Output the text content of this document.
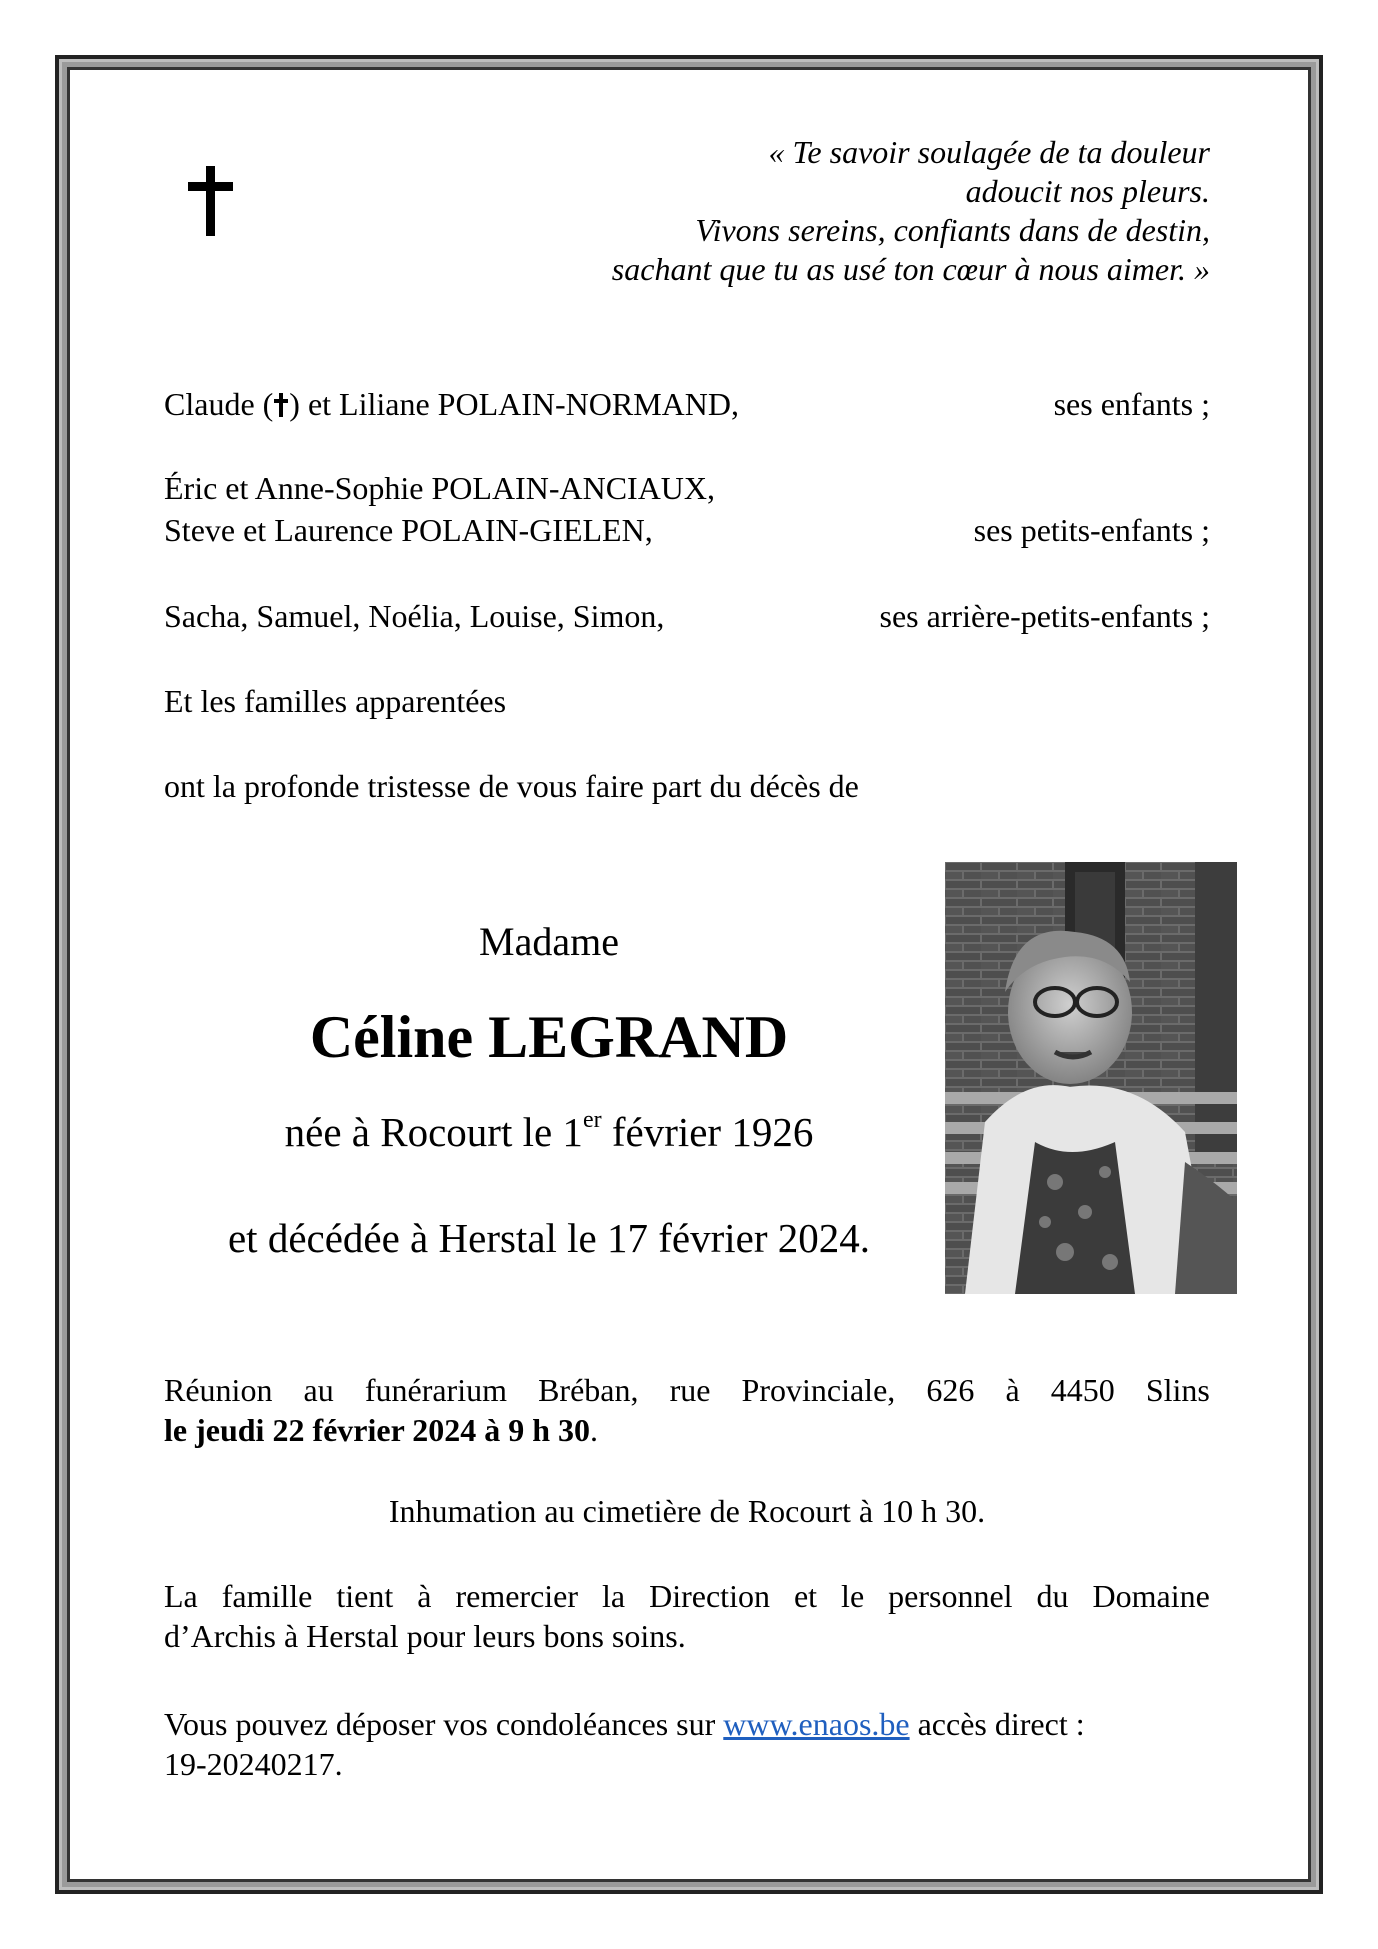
« Te savoir soulagée de ta douleur
adoucit nos pleurs.
Vivons sereins, confiants dans de destin,
sachant que tu as usé ton cœur à nous aimer. »
Claude ( ) et Liliane POLAIN-NORMAND,	ses enfants ;
Éric et Anne-Sophie POLAIN-ANCIAUX,
Steve et Laurence POLAIN-GIELEN,	ses petits-enfants ;
Sacha, Samuel, Noélia, Louise, Simon,	ses arrière-petits-enfants ;
Et les familles apparentées
ont la profonde tristesse de vous faire part du décès de
Madame
Céline LEGRAND
née à Rocourt le 1er février 1926
et décédée à Herstal le 17 février 2024.
Réunion au funérarium Bréban, rue Provinciale, 626 à 4450 Slins
le jeudi 22 février 2024 à 9 h 30.
Inhumation au cimetière de Rocourt à 10 h 30.
La famille tient à remercier la Direction et le personnel du Domaine
d’Archis à Herstal pour leurs bons soins.
Vous pouvez déposer vos condoléances sur www.enaos.be accès direct :
19-20240217.
